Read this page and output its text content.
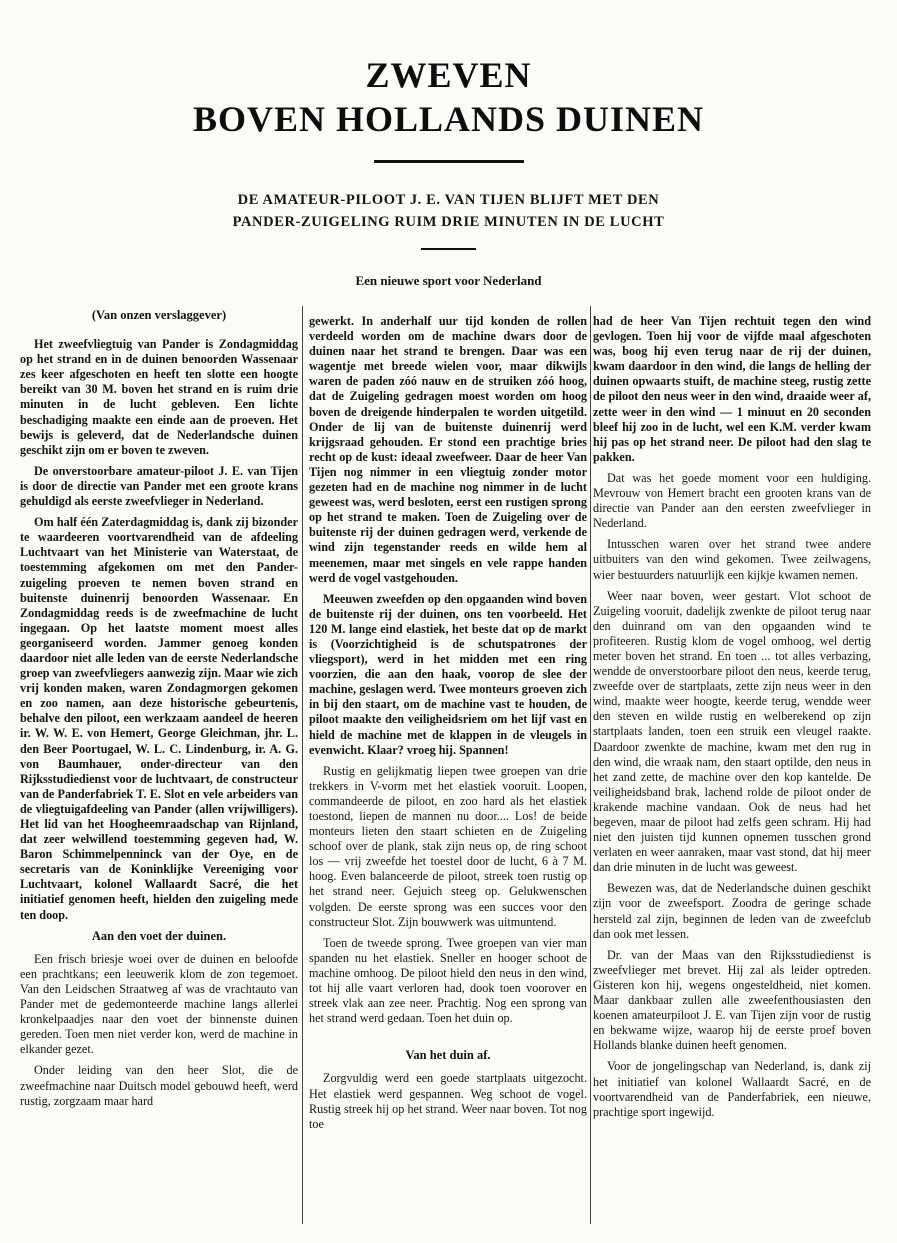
ZWEVEN
BOVEN HOLLANDS DUINEN
DE AMATEUR-PILOOT J. E. VAN TIJEN BLIJFT MET DEN
PANDER-ZUIGELING RUIM DRIE MINUTEN IN DE LUCHT
Een nieuwe sport voor Nederland
(Van onzen verslaggever)

Het zweefvliegtuig van Pander is Zondagmiddag op het strand en in de duinen benoorden Wassenaar zes keer afgeschoten en heeft ten slotte een hoogte bereikt van 30 M. boven het strand en is ruim drie minuten in de lucht gebleven. Een lichte beschadiging maakte een einde aan de proeven. Het bewijs is geleverd, dat de Nederlandsche duinen geschikt zijn om er boven te zweven.

De onverstoorbare amateur-piloot J. E. van Tijen is door de directie van Pander met een groote krans gehuldigd als eerste zweefvlieger in Nederland.

Om half één Zaterdagmiddag is, dank zij bizonder te waardeeren voortvarendheid van de afdeeling Luchtvaart van het Ministerie van Waterstaat, de toestemming afgekomen om met den Pander-zuigeling proeven te nemen boven strand en buitenste duinenrij benoorden Wassenaar. En Zondagmiddag reeds is de zweefmachine de lucht ingegaan. Op het laatste moment moest alles georganiseerd worden. Jammer genoeg konden daardoor niet alle leden van de eerste Nederlandsche groep van zweefvliegers aanwezig zijn. Maar wie zich vrij konden maken, waren Zondagmorgen gekomen en zoo namen, aan deze historische gebeurtenis, behalve den piloot, een werkzaam aandeel de heeren ir. W. W. E. von Hemert, George Gleichman, jhr. L. den Beer Poortugael, W. L. C. Lindenburg, ir. A. G. von Baumhauer, onder-directeur van den Rijksstudiedienst voor de luchtvaart, de constructeur van de Panderfabriek T. E. Slot en vele arbeiders van de vliegtuigafdeeling van Pander (allen vrijwilligers). Het lid van het Hoogheemraadschap van Rijnland, dat zeer welwillend toestemming gegeven had, W. Baron Schimmelpenninck van der Oye, en de secretaris van de Koninklijke Vereeniging voor Luchtvaart, kolonel Wallaardt Sacré, die het initiatief genomen heeft, hielden den zuigeling mede ten doop.

Aan den voet der duinen.

Een frisch briesje woei over de duinen en beloofde een prachtkans; een leeuwerik klom de zon tegemoet. Van den Leidschen Straatweg af was de vrachtauto van Pander met de gedemonteerde machine langs allerlei kronkelpaadjes naar den voet der binnenste duinen gereden. Toen men niet verder kon, werd de machine in elkander gezet.

Onder leiding van den heer Slot, die de zweefmachine naar Duitsch model gebouwd heeft, werd rustig, zorgzaam maar hard

gewerkt. In anderhalf uur tijd konden de rollen verdeeld worden om de machine dwars door de duinen naar het strand te brengen. Daar was een wagentje met breede wielen voor, maar dikwijls waren de paden zóó nauw en de struiken zóó hoog, dat de Zuigeling gedragen moest worden om hoog boven de dreigende hinderpalen te worden uitgetild. Onder de lij van de buitenste duinenrij werd krijgsraad gehouden. Er stond een prachtige bries recht op de kust: ideaal zweefweer. Daar de heer Van Tijen nog nimmer in een vliegtuig zonder motor gezeten had en de machine nog nimmer in de lucht geweest was, werd besloten, eerst een rustigen sprong op het strand te maken. Toen de Zuigeling over de buitenste rij der duinen gedragen werd, verkende de wind zijn tegenstander reeds en wilde hem al meenemen, maar met singels en vele rappe handen werd de vogel vastgehouden.

Meeuwen zweefden op den opgaanden wind boven de buitenste rij der duinen, ons ten voorbeeld. Het 120 M. lange eind elastiek, het beste dat op de markt is (Voorzichtigheid is de schutspatrones der vliegsport), werd in het midden met een ring voorzien, die aan den haak, voorop de slee der machine, geslagen werd. Twee monteurs groeven zich in bij den staart, om de machine vast te houden, de piloot maakte den veiligheidsriem om het lijf vast en hield de machine met de klappen in de vleugels in evenwicht. Klaar? vroeg hij. Spannen!

Rustig en gelijkmatig liepen twee groepen van drie trekkers in V-vorm met het elastiek vooruit. Loopen, commandeerde de piloot, en zoo hard als het elastiek toestond, liepen de mannen nu door.... Los! de beide monteurs lieten den staart schieten en de Zuigeling schoof over de plank, stak zijn neus op, de ring schoot los — vrij zweefde het toestel door de lucht, 6 à 7 M. hoog. Even balanceerde de piloot, streek toen rustig op het strand neer. Gejuich steeg op. Gelukwenschen volgden. De eerste sprong was een succes voor den constructeur Slot. Zijn bouwwerk was uitmuntend.

Toen de tweede sprong. Twee groepen van vier man spanden nu het elastiek. Sneller en hooger schoot de machine omhoog. De piloot hield den neus in den wind, tot hij alle vaart verloren had, dook toen voorover en streek vlak aan zee neer. Prachtig. Nog een sprong van het strand werd gedaan. Toen het duin op.

Van het duin af.

Zorgvuldig werd een goede startplaats uitgezocht. Het elastiek werd gespannen. Weg schoot de vogel. Rustig streek hij op het strand. Weer naar boven. Tot nog toe

had de heer Van Tijen rechtuit tegen den wind gevlogen. Toen hij voor de vijfde maal afgeschoten was, boog hij even terug naar de rij der duinen, kwam daardoor in den wind, die langs de helling der duinen opwaarts stuift, de machine steeg, rustig zette de piloot den neus weer in den wind, draaide weer af, zette weer in den wind — 1 minuut en 20 seconden bleef hij zoo in de lucht, wel een K.M. verder kwam hij pas op het strand neer. De piloot had den slag te pakken.

Dat was het goede moment voor een huldiging. Mevrouw von Hemert bracht een grooten krans van de directie van Pander aan den eersten zweefvlieger in Nederland.

Intusschen waren over het strand twee andere uitbuiters van den wind gekomen. Twee zeilwagens, wier bestuurders natuurlijk een kijkje kwamen nemen.

Weer naar boven, weer gestart. Vlot schoot de Zuigeling vooruit, dadelijk zwenkte de piloot terug naar den duinrand om van den opgaanden wind te profiteeren. Rustig klom de vogel omhoog, wel dertig meter boven het strand. En toen ... tot alles verbazing, wendde de onverstoorbare piloot den neus, keerde terug, zweefde over de startplaats, zette zijn neus weer in den wind, maakte weer hoogte, keerde terug, wendde weer den steven en wilde rustig en welberekend op zijn startplaats landen, toen een struik een vleugel raakte. Daardoor zwenkte de machine, kwam met den rug in den wind, die wraak nam, den staart optilde, den neus in het zand zette, de machine over den kop kantelde. De veiligheidsband brak, lachend rolde de piloot onder de krakende machine vandaan. Ook de neus had het begeven, maar de piloot had zelfs geen schram. Hij had niet den juisten tijd kunnen opnemen tusschen grond verlaten en weer aanraken, maar vast stond, dat hij meer dan drie minuten in de lucht was geweest.

Bewezen was, dat de Nederlandsche duinen geschikt zijn voor de zweefsport. Zoodra de geringe schade hersteld zal zijn, beginnen de leden van de zweefclub dan ook met lessen.

Dr. van der Maas van den Rijksstudiedienst is zweefvlieger met brevet. Hij zal als leider optreden. Gisteren kon hij, wegens ongesteldheid, niet komen. Maar dankbaar zullen alle zweefenthousiasten den koenen amateurpiloot J. E. van Tijen zijn voor de rustig en bekwame wijze, waarop hij de eerste proef boven Hollands blanke duinen heeft genomen.

Voor de jongelingschap van Nederland, is, dank zij het initiatief van kolonel Wallaardt Sacré, en de voortvarendheid van de Panderfabriek, een nieuwe, prachtige sport ingewijd.
